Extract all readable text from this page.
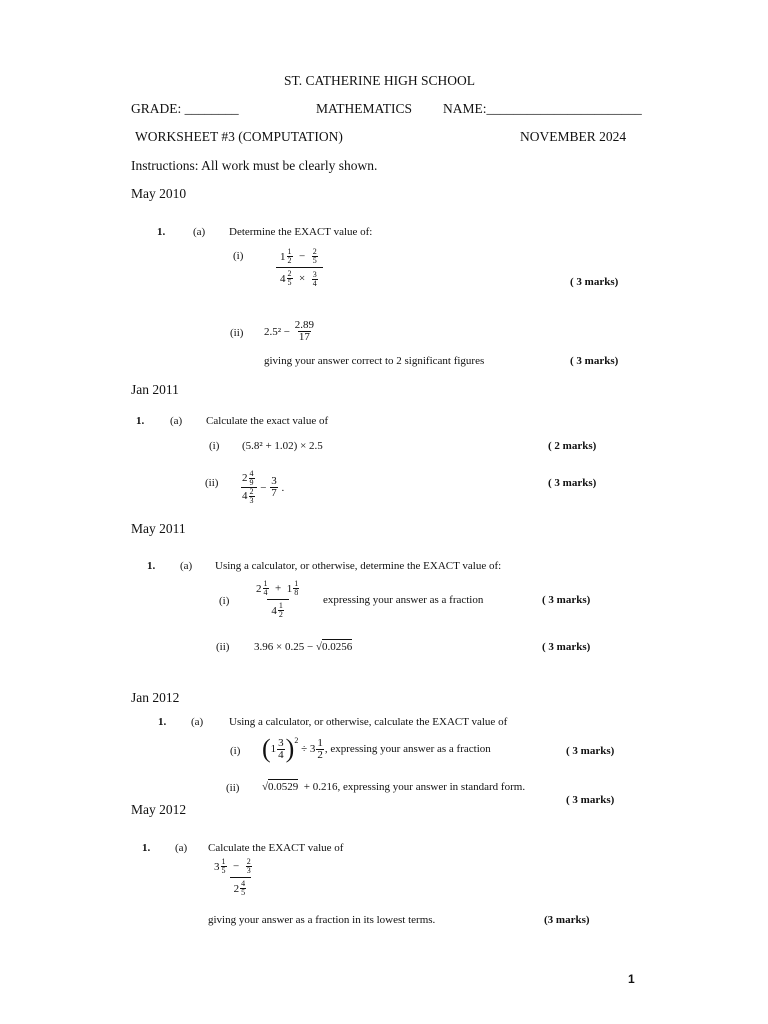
ST. CATHERINE HIGH SCHOOL
GRADE: ________	MATHEMATICS NAME:_______________________
WORKSHEET #3 (COMPUTATION)	NOVEMBER 2024
Instructions: All work must be clearly shown.
May 2010
1.	(a) Determine the EXACT value of:
(i)	$1 \frac{1}{2} - \frac{2}{5}$
$4 \frac{2}{5} \times \frac{3}{4}$	( 3 marks)
(ii) 2.5² −
$\frac{2.89}{17}$
giving your answer correct to 2 significant figures	( 3 marks)
Jan 2011
1. (a) Calculate the exact value of
(i) (5.8² + 1.02) × 2.5	( 2 marks)
$(ii) \frac{2 \frac{4}{9}}{4 \frac{2}{3}} - \frac{3}{7}$ .	( 3 marks)
May 2011
1. (a) Using a calculator, or otherwise, determine the EXACT value of:
(i)
$2 \frac{1}{4} + 1 \frac{1}{8}$
$4 \frac{1}{2}$
expressing your answer as a fraction	( 3 marks)
(ii) 3.96 × 0.25 − √0.0256	( 3 marks)
Jan 2012
1. (a) Using a calculator, or otherwise, calculate the EXACT value of
(i) ( $1 \frac{3}{4}$ ) 2
÷ $3 \frac{1}{2}$ , expressing your answer as a fraction	( 3 marks)
(ii) √0.0529 + 0.216, expressing your answer in standard form.
( 3 marks)
May 2012
1. (a) Calculate the EXACT value of
$3 \frac{1}{5} - \frac{2}{3}$
$2 \frac{4}{5}$
giving your answer as a fraction in its lowest terms.	(3 marks)
1
